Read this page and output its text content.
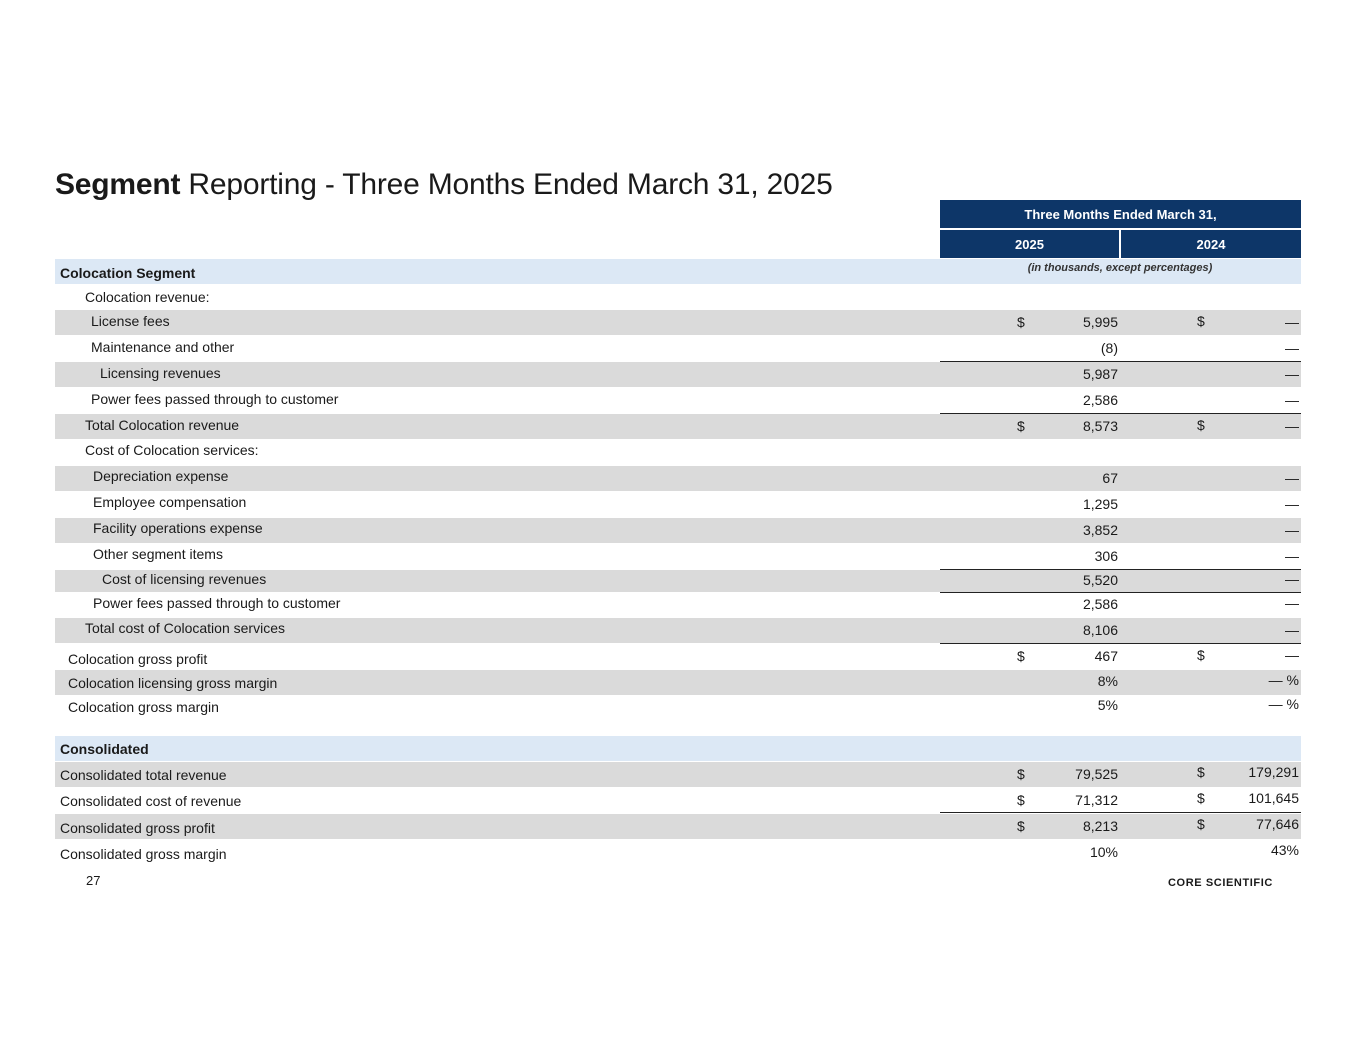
Segment Reporting - Three Months Ended March 31, 2025
Three Months Ended March 31,
2025	2024
Colocation Segment	(in thousands, except percentages)
Colocation revenue:
License fees	$	5,995	$	—
Maintenance and other	(8)	—
Licensing revenues	5,987	—
Power fees passed through to customer	2,586	—
Total Colocation revenue	$	8,573	$	—
Cost of Colocation services:
Depreciation expense	67	—
Employee compensation	1,295	—
Facility operations expense	3,852	—
Other segment items	306	—
Cost of licensing revenues	5,520	—
Power fees passed through to customer	2,586	—
Total cost of Colocation services	8,106	—
Colocation gross profit	$	467	$	—
Colocation licensing gross margin	8%	— %
Colocation gross margin	5%	— %
Consolidated
Consolidated total revenue	$	79,525	$	179,291
Consolidated cost of revenue	$	71,312	$	101,645
Consolidated gross profit	$	8,213	$	77,646
Consolidated gross margin	10%	43%
27	CORE SCIENTIFIC
